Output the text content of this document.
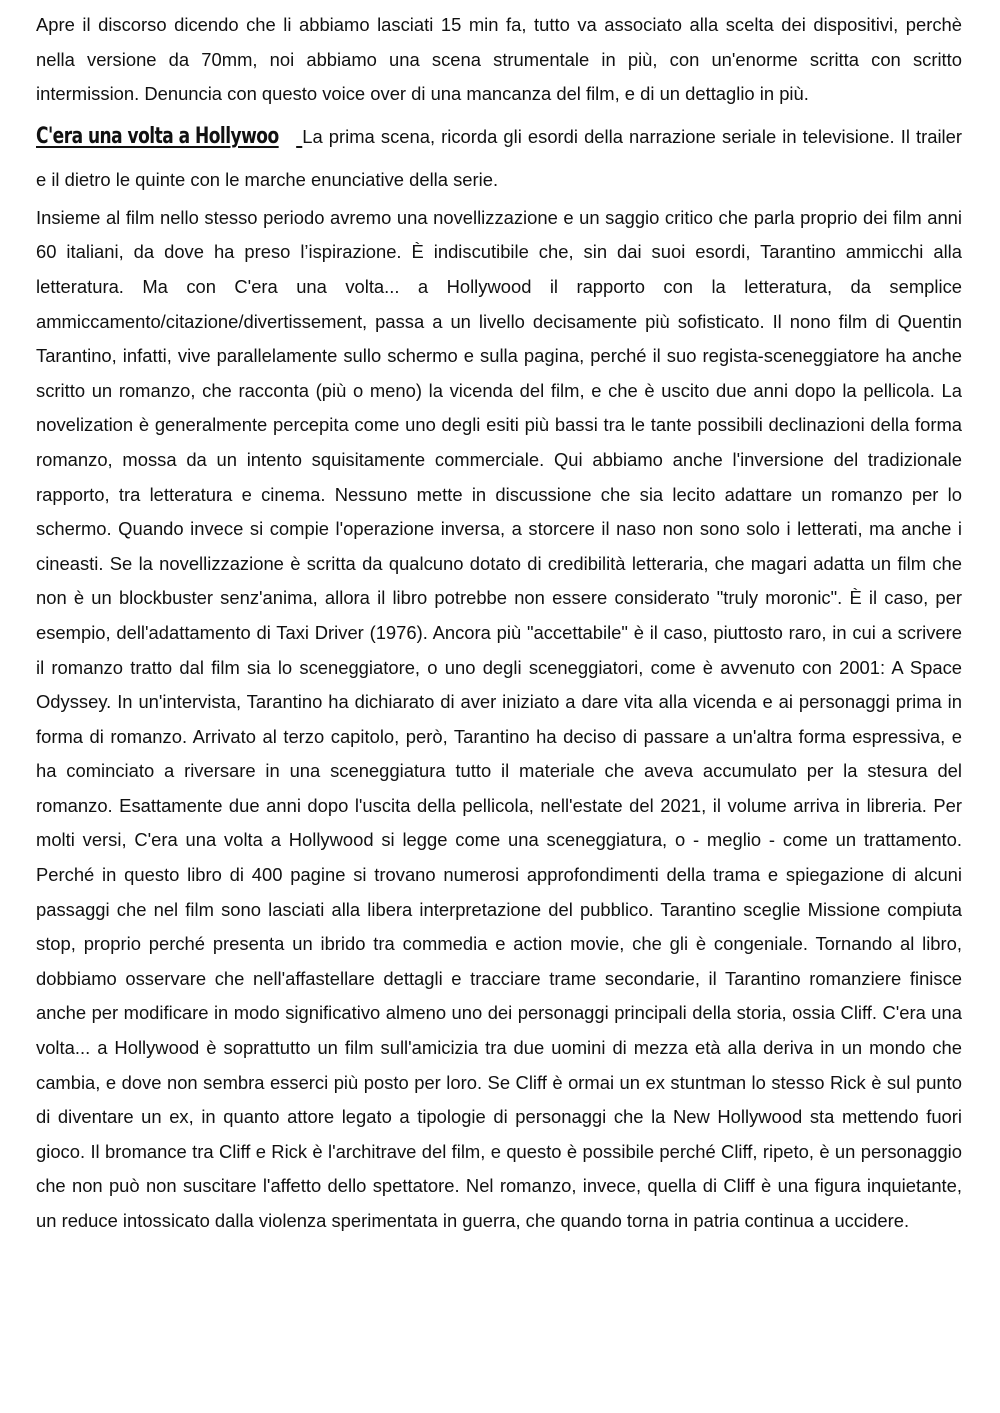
Apre il discorso dicendo che li abbiamo lasciati 15 min fa, tutto va associato alla scelta dei dispositivi, perchè nella versione da 70mm, noi abbiamo una scena strumentale in più, con un'enorme scritta con scritto intermission. Denuncia con questo voice over di una mancanza del film, e di un dettaglio in più.

C'era una volta a Hollywoo La prima scena, ricorda gli esordi della narrazione seriale in televisione. Il trailer e il dietro le quinte con le marche enunciative della serie.

Insieme al film nello stesso periodo avremo una novellizzazione e un saggio critico che parla proprio dei film anni 60 italiani, da dove ha preso l’ispirazione. È indiscutibile che, sin dai suoi esordi, Tarantino ammicchi alla letteratura. Ma con C'era una volta... a Hollywood il rapporto con la letteratura, da semplice ammiccamento/citazione/divertissement, passa a un livello decisamente più sofisticato. Il nono film di Quentin Tarantino, infatti, vive parallelamente sullo schermo e sulla pagina, perché il suo regista-sceneggiatore ha anche scritto un romanzo, che racconta (più o meno) la vicenda del film, e che è uscito due anni dopo la pellicola. La novelization è generalmente percepita come uno degli esiti più bassi tra le tante possibili declinazioni della forma romanzo, mossa da un intento squisitamente commerciale. Qui abbiamo anche l'inversione del tradizionale rapporto, tra letteratura e cinema. Nessuno mette in discussione che sia lecito adattare un romanzo per lo schermo. Quando invece si compie l'operazione inversa, a storcere il naso non sono solo i letterati, ma anche i cineasti. Se la novellizzazione è scritta da qualcuno dotato di credibilità letteraria, che magari adatta un film che non è un blockbuster senz'anima, allora il libro potrebbe non essere considerato "truly moronic". È il caso, per esempio, dell'adattamento di Taxi Driver (1976). Ancora più "accettabile" è il caso, piuttosto raro, in cui a scrivere il romanzo tratto dal film sia lo sceneggiatore, o uno degli sceneggiatori, come è avvenuto con 2001: A Space Odyssey. In un'intervista, Tarantino ha dichiarato di aver iniziato a dare vita alla vicenda e ai personaggi prima in forma di romanzo. Arrivato al terzo capitolo, però, Tarantino ha deciso di passare a un'altra forma espressiva, e ha cominciato a riversare in una sceneggiatura tutto il materiale che aveva accumulato per la stesura del romanzo. Esattamente due anni dopo l'uscita della pellicola, nell'estate del 2021, il volume arriva in libreria. Per molti versi, C'era una volta a Hollywood si legge come una sceneggiatura, o - meglio - come un trattamento. Perché in questo libro di 400 pagine si trovano numerosi approfondimenti della trama e spiegazione di alcuni passaggi che nel film sono lasciati alla libera interpretazione del pubblico. Tarantino sceglie Missione compiuta stop, proprio perché presenta un ibrido tra commedia e action movie, che gli è congeniale. Tornando al libro, dobbiamo osservare che nell'affastellare dettagli e tracciare trame secondarie, il Tarantino romanziere finisce anche per modificare in modo significativo almeno uno dei personaggi principali della storia, ossia Cliff. C'era una volta... a Hollywood è soprattutto un film sull'amicizia tra due uomini di mezza età alla deriva in un mondo che cambia, e dove non sembra esserci più posto per loro. Se Cliff è ormai un ex stuntman lo stesso Rick è sul punto di diventare un ex, in quanto attore legato a tipologie di personaggi che la New Hollywood sta mettendo fuori gioco. Il bromance tra Cliff e Rick è l'architrave del film, e questo è possibile perché Cliff, ripeto, è un personaggio che non può non suscitare l'affetto dello spettatore. Nel romanzo, invece, quella di Cliff è una figura inquietante, un reduce intossicato dalla violenza sperimentata in guerra, che quando torna in patria continua a uccidere.
